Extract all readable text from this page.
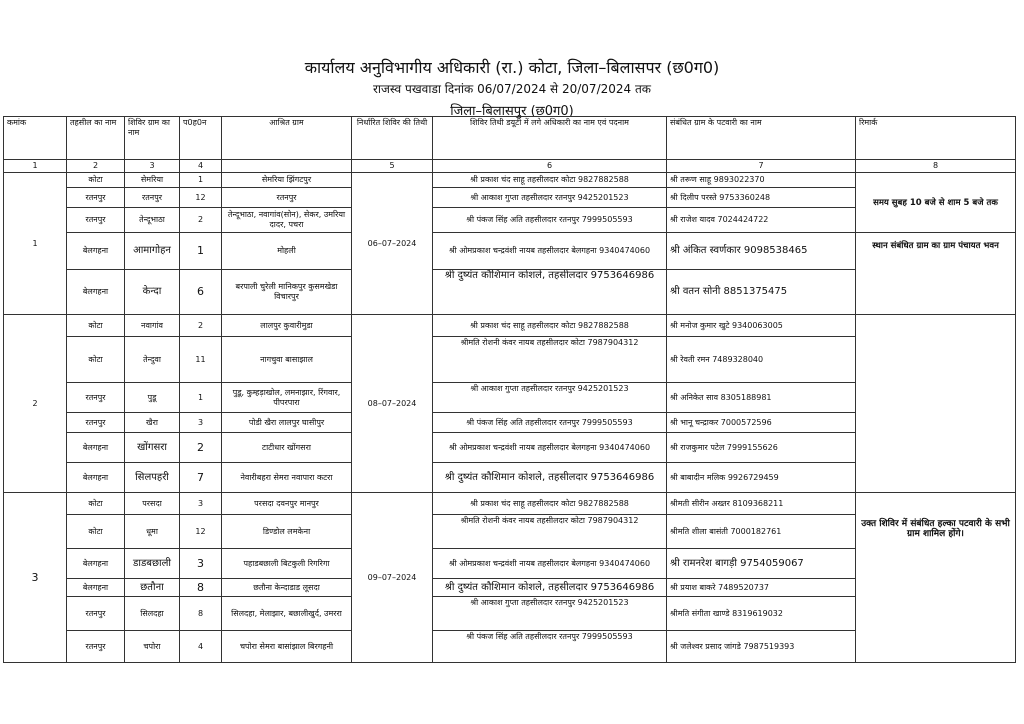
कार्यालय अनुविभागीय अधिकारी (रा.) कोटा, जिला–बिलासपर (छ0ग0)
राजस्व पखवाडा दिनांक 06/07/2024 से 20/07/2024 तक
जिला–बिलासपुर (छ0ग0)
कमांक	तहसील का नाम	शिविर ग्राम का नाम	प0ह0न	आश्रित ग्राम	निर्धारित शिविर की तिथी	शिविर तिथी डयूटी में लगे अधिकारी का नाम एवं पदनाम	संबंधित ग्राम के पटवारी का नाम	रिमार्क
1	2	3	4		5	6	7	8
1	कोटा	सेमरिया	1	सेमरिया झिंगटपुर	06–07–2024	श्री प्रकाश चंद साहू तहसीलदार कोटा 9827882588	श्री तरूण साहू 9893022370	समय सुबह 10 बजे से शाम 5 बजे तक
	रतनपुर	रतनपुर	12	रतनपुर		श्री आकाश गुप्ता तहसीलदार रतनपुर 9425201523	श्री दिलीप परस्ते 9753360248	
	रतनपुर	तेन्दूभाठा	2	तेन्दूभाठा, नवागांव(सोन), सेकर, उमरिया दादर, पचरा		श्री पंकज सिंह अति तहसीलदार रतनपुर 7999505593	श्री राजेश यादव 7024424722	
	बेलगहना	आमागोहन	1	मोहली		श्री ओमप्रकाश चन्द्रवंशी नायब तहसीलदार बेलगहना 9340474060	श्री अंकित स्वर्णकार 9098538465	स्थान संबंधित ग्राम का ग्राम पंचायत भवन
	बेलगहना	केन्दा	6	बरपाली चुरेली मानिकपुर कुसमखेडा विचारपुर		श्री दुष्यंत कौशिमान कोशले, तहसीलदार 9753646986	श्री वतन सोनी 8851375475	
2	कोटा	नवागांव	2	लालपुर कुवारीमुडा	08–07–2024	श्री प्रकाश चंद साहू तहसीलदार कोटा 9827882588	श्री मनोज कुमार खुटे 9340063005	
	कोटा	तेन्दुवा	11	नागचुवा बासाझाल		श्रीमति रोशनी कंवर नायब तहसीलदार कोटा 7987904312	श्री रेवती रमन 7489328040	
	रतनपुर	पुडू	1	पुडू, कुम्हड़ाखोल, लमनाझार, रिंगवार, पीपरपारा		श्री आकाश गुप्ता तहसीलदार रतनपुर 9425201523	श्री अनिकेत साव 8305188981	
	रतनपुर	खैरा	3	पोडी खैरा लालपुर घासीपुर		श्री पंकज सिंह अति तहसीलदार रतनपुर 7999505593	श्री भानू चन्द्राकर 7000572596	
	बेलगहना	खोंगसरा	2	टाटीधार खोंगसरा		श्री ओमप्रकाश चन्द्रवंशी नायब तहसीलदार बेलगहना 9340474060	श्री राजकुमार पटेल 7999155626	
	बेलगहना	सिलपहरी	7	नेवारीबहरा सेमरा नवापारा कटरा		श्री दुष्यंत कौशिमान कोशले, तहसीलदार 9753646986	श्री बाबादीन मलिक 9926729459	
3	कोटा	परसदा	3	परसदा दवनपुर मानपुर	09–07–2024	श्री प्रकाश चंद साहू तहसीलदार कोटा 9827882588	श्रीमती सीरीन अख्तर 8109368211	उक्त शिविर में संबंधित हल्का पटवारी के सभी ग्राम शामिल होंगे।
	कोटा	धूमा	12	डिण्डोल लमकेना		श्रीमति रोशनी कंवर नायब तहसीलदार कोटा 7987904312	श्रीमति शीला बासंती 7000182761	
	बेलगहना	डाडबछाली	3	पहाडबछाली बिटकुली रिगरिगा		श्री ओमप्रकाश चन्द्रवंशी नायब तहसीलदार बेलगहना 9340474060	श्री रामनरेश बागड़ी 9754059067	
	बेलगहना	छतौना	8	छतौना केन्दाडाड लूसदा		श्री दुष्यंत कौशिमान कोशले, तहसीलदार 9753646986	श्री प्रयाश बाकरे 7489520737	
	रतनपुर	सिलदहा	8	सिलदहा, मेलाझार, बछालीखुर्द, उमररा		श्री आकाश गुप्ता तहसीलदार रतनपुर 9425201523	श्रीमति संगीता खाण्डे 8319619032	
	रतनपुर	चपोरा	4	चपोरा सेमरा बासांझाल बिरगहनी		श्री पंकज सिंह अति तहसीलदार रतनपुर 7999505593	श्री जलेश्वर प्रसाद जांगडे 7987519393	
